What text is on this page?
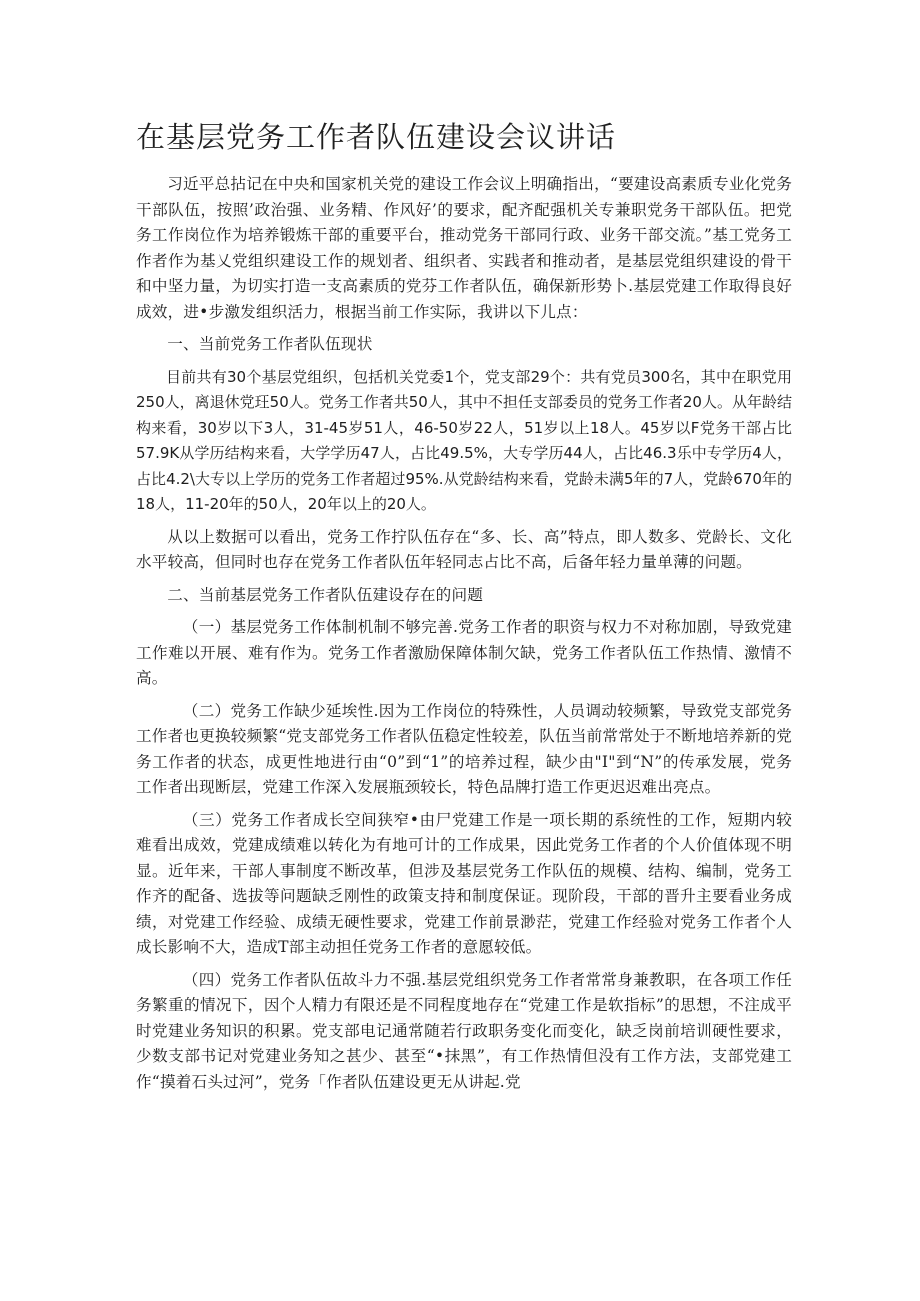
在基层党务工作者队伍建设会议讲话

习近平总拈记在中央和国家机关党的建设工作会议上明确指出，“要建设高素质专业化党务干部队伍，按照’政治强、业务精、作风好’的要求，配齐配强机关专兼职党务干部队伍。把党务工作岗位作为培养锻炼干部的重要平台，推动党务干部同行政、业务干部交流。”基工党务工作者作为基乂党组织建设工作的规划者、组织者、实践者和推动者，是基层党组织建设的骨干和中坚力量，为切实打造一支高素质的党芬工作者队伍，确保新形势卜.基层党建工作取得良好成效，进•步激发组织活力，根据当前工作实际，我讲以下儿点：

一、当前党务工作者队伍现状

目前共有30个基层党组织，包括机关党委1个，党支部29个：共有党员300名，其中在职党用250人，离退休党玨50人。党务工作者共50人，其中不担任支部委员的党务工作者20人。从年龄结构来看，30岁以下3人，31-45岁51人，46-50岁22人，51岁以上18人。45岁以F党务干部占比57.9K从学历结构来看，大学学历47人，占比49.5%，大专学历44人，占比46.3乐中专学历4人，占比4.2\大专以上学历的党务工作者超过95%.从党龄结构来看，党龄未满5年的7人，党龄670年的18人，11-20年的50人，20年以上的20人。

从以上数据可以看出，党务工作拧队伍存在“多、长、高”特点，即人数多、党龄长、文化水平较高，但同时也存在党务工作者队伍年轻同志占比不高，后备年轻力量单薄的问题。

二、当前基层党务工作者队伍建设存在的问题

（一）基层党务工作体制机制不够完善.党务工作者的职资与权力不对称加剧，导致党建工作难以开展、难有作为。党务工作者激励保障体制欠缺，党务工作者队伍工作热情、激情不高。

（二）党务工作缺少延埃性.因为工作岗位的特殊性，人员调动较频繁，导致党支部党务工作者也更换较频繁“党支部党务工作者队伍稳定性较差，队伍当前常常处于不断地培养新的党务工作者的状态，成更性地进行由“0”到“1”的培养过程，缺少由"I"到“N”的传承发展，党务工作者出现断层，党建工作深入发展瓶颈较长，特色品牌打造工作更迟迟难出亮点。

（三）党务工作者成长空间狭窄•由尸党建工作是一项长期的系统性的工作，短期内较难看出成效，党建成绩难以转化为有地可计的工作成果，因此党务工作者的个人价值体现不明显。近年来，干部人事制度不断改革，但涉及基层党务工作队伍的规模、结构、编制，党务工作齐的配备、选拔等问题缺乏刚性的政策支持和制度保证。现阶段，干部的晋升主要看业务成绩，对党建工作经验、成绩无硬性要求，党建工作前景渺茫，党建工作经验对党务工作者个人成长影响不大，造成T部主动担任党务工作者的意愿较低。

（四）党务工作者队伍故斗力不强.基层党组织党务工作者常常身兼教职，在各项工作任务繁重的情况下，因个人精力有限还是不同程度地存在“党建工作是软指标”的思想，不注成平时党建业务知识的积累。党支部电记通常随若行政职务变化而变化，缺乏岗前培训硬性要求，少数支部书记对党建业务知之甚少、甚至“•抹黑”，有工作热情但没有工作方法，支部党建工作“摸着石头过河”，党务「作者队伍建设更无从讲起.党
